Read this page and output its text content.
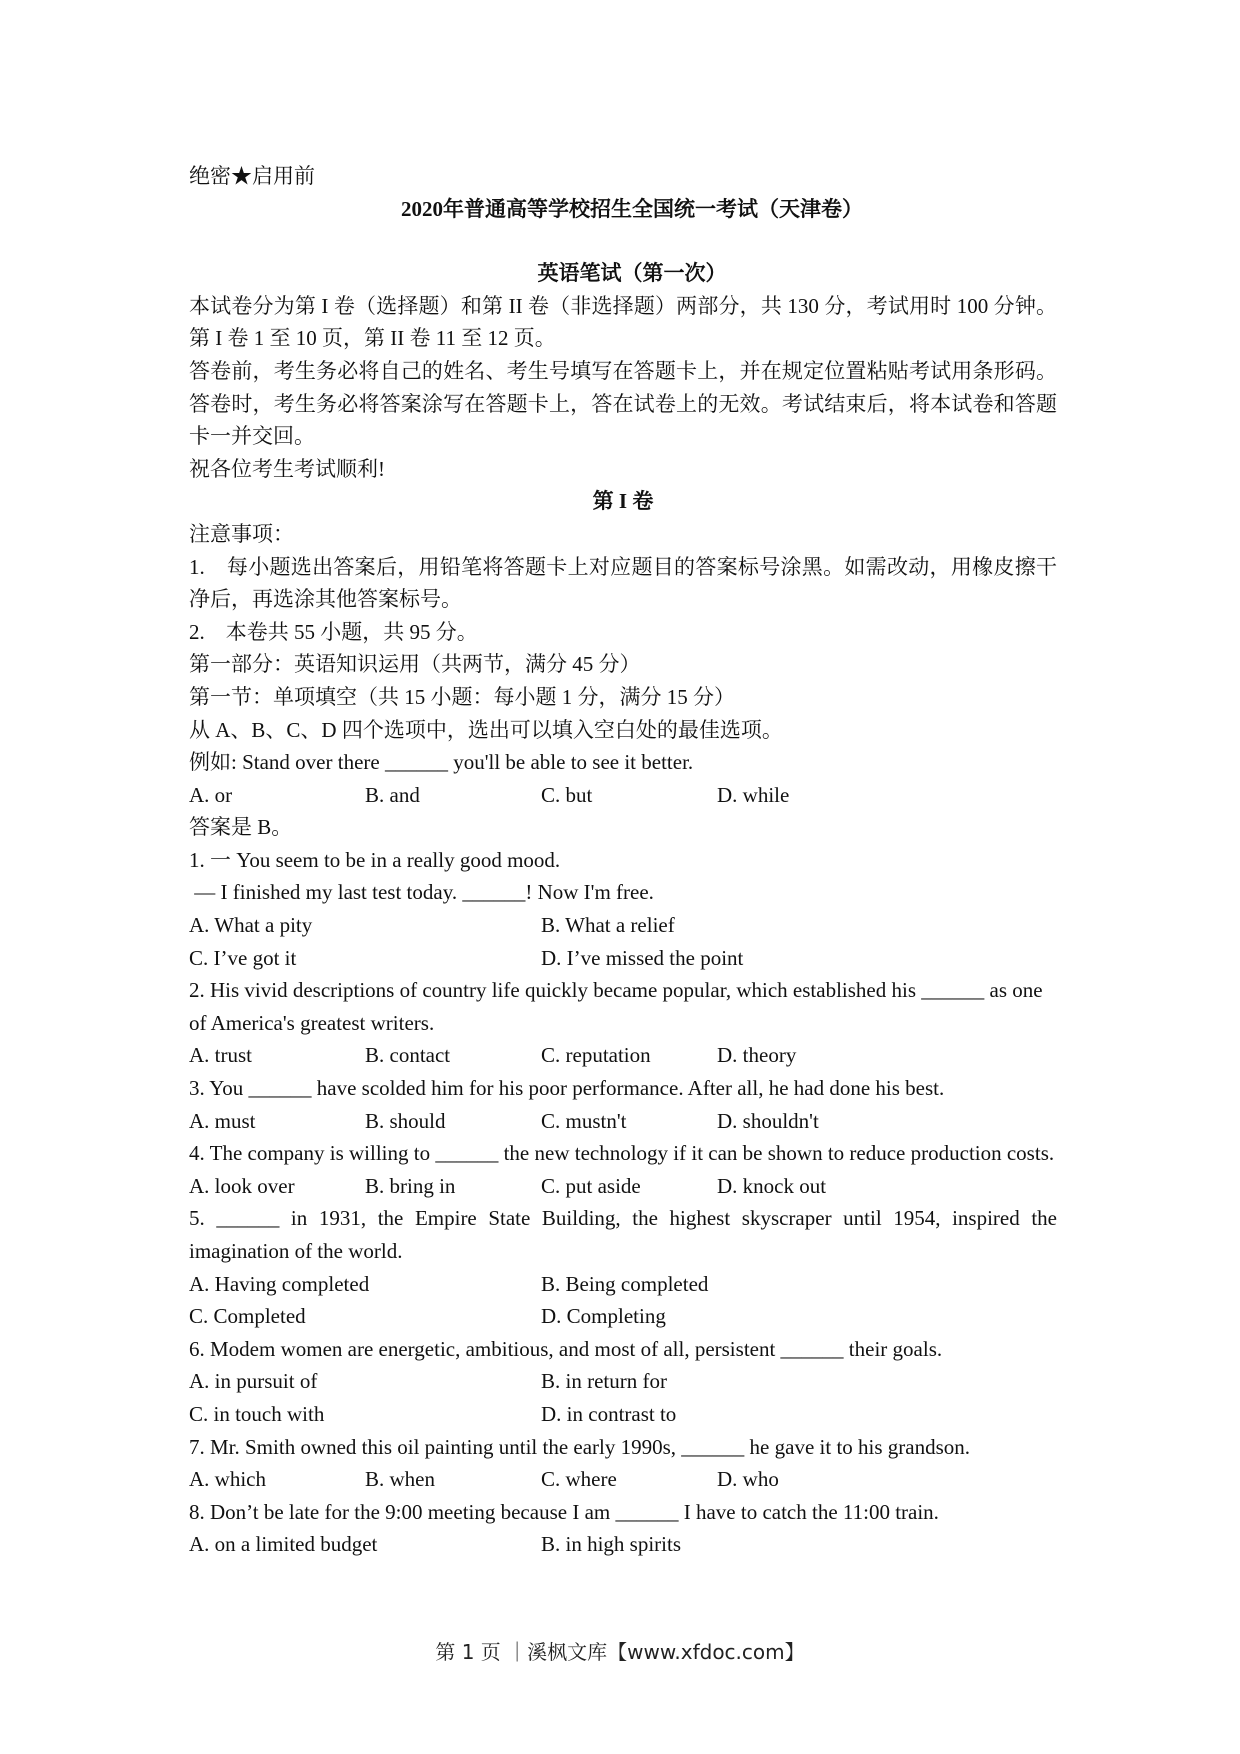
绝密★启用前
2020年普通高等学校招生全国统一考试（天津卷）
英语笔试（第一次）
本试卷分为第 I 卷（选择题）和第 II 卷（非选择题）两部分，共 130 分，考试用时 100 分钟。第 I 卷 1 至 10 页，第 II 卷 11 至 12 页。
答卷前，考生务必将自己的姓名、考生号填写在答题卡上，并在规定位置粘贴考试用条形码。答卷时，考生务必将答案涂写在答题卡上，答在试卷上的无效。考试结束后，将本试卷和答题卡一并交回。
祝各位考生考试顺利!
第 I 卷
注意事项：
1.    每小题选出答案后，用铅笔将答题卡上对应题目的答案标号涂黑。如需改动，用橡皮擦干净后，再选涂其他答案标号。
2.    本卷共 55 小题，共 95 分。
第一部分：英语知识运用（共两节，满分 45 分）
第一节：单项填空（共 15 小题：每小题 1 分，满分 15 分）
从 A、B、C、D 四个选项中，选出可以填入空白处的最佳选项。
例如: Stand over there ______ you'll be able to see it better.
A. or	B. and	C. but	D. while
答案是 B。
1. 一 You seem to be in a really good mood.
— I finished my last test today. ______! Now I'm free.
A. What a pity	B. What a relief
C. I’ve got it	D. I’ve missed the point
2. His vivid descriptions of country life quickly became popular, which established his ______ as one of America's greatest writers.
A. trust	B. contact	C. reputation	D. theory
3. You ______ have scolded him for his poor performance. After all, he had done his best.
A. must	B. should	C. mustn't	D. shouldn't
4. The company is willing to ______ the new technology if it can be shown to reduce production costs.
A. look over	B. bring in	C. put aside	D. knock out
5. ______ in 1931, the Empire State Building, the highest skyscraper until 1954, inspired the imagination of the world.
A. Having completed	B. Being completed
C. Completed	D. Completing
6. Modem women are energetic, ambitious, and most of all, persistent ______ their goals.
A. in pursuit of	B. in return for
C. in touch with	D. in contrast to
7. Mr. Smith owned this oil painting until the early 1990s, ______ he gave it to his grandson.
A. which	B. when	C. where	D. who
8. Don’t be late for the 9:00 meeting because I am ______ I have to catch the 11:00 train.
A. on a limited budget	B. in high spirits
第 1 页 ｜溪枫文库【www.xfdoc.com】
